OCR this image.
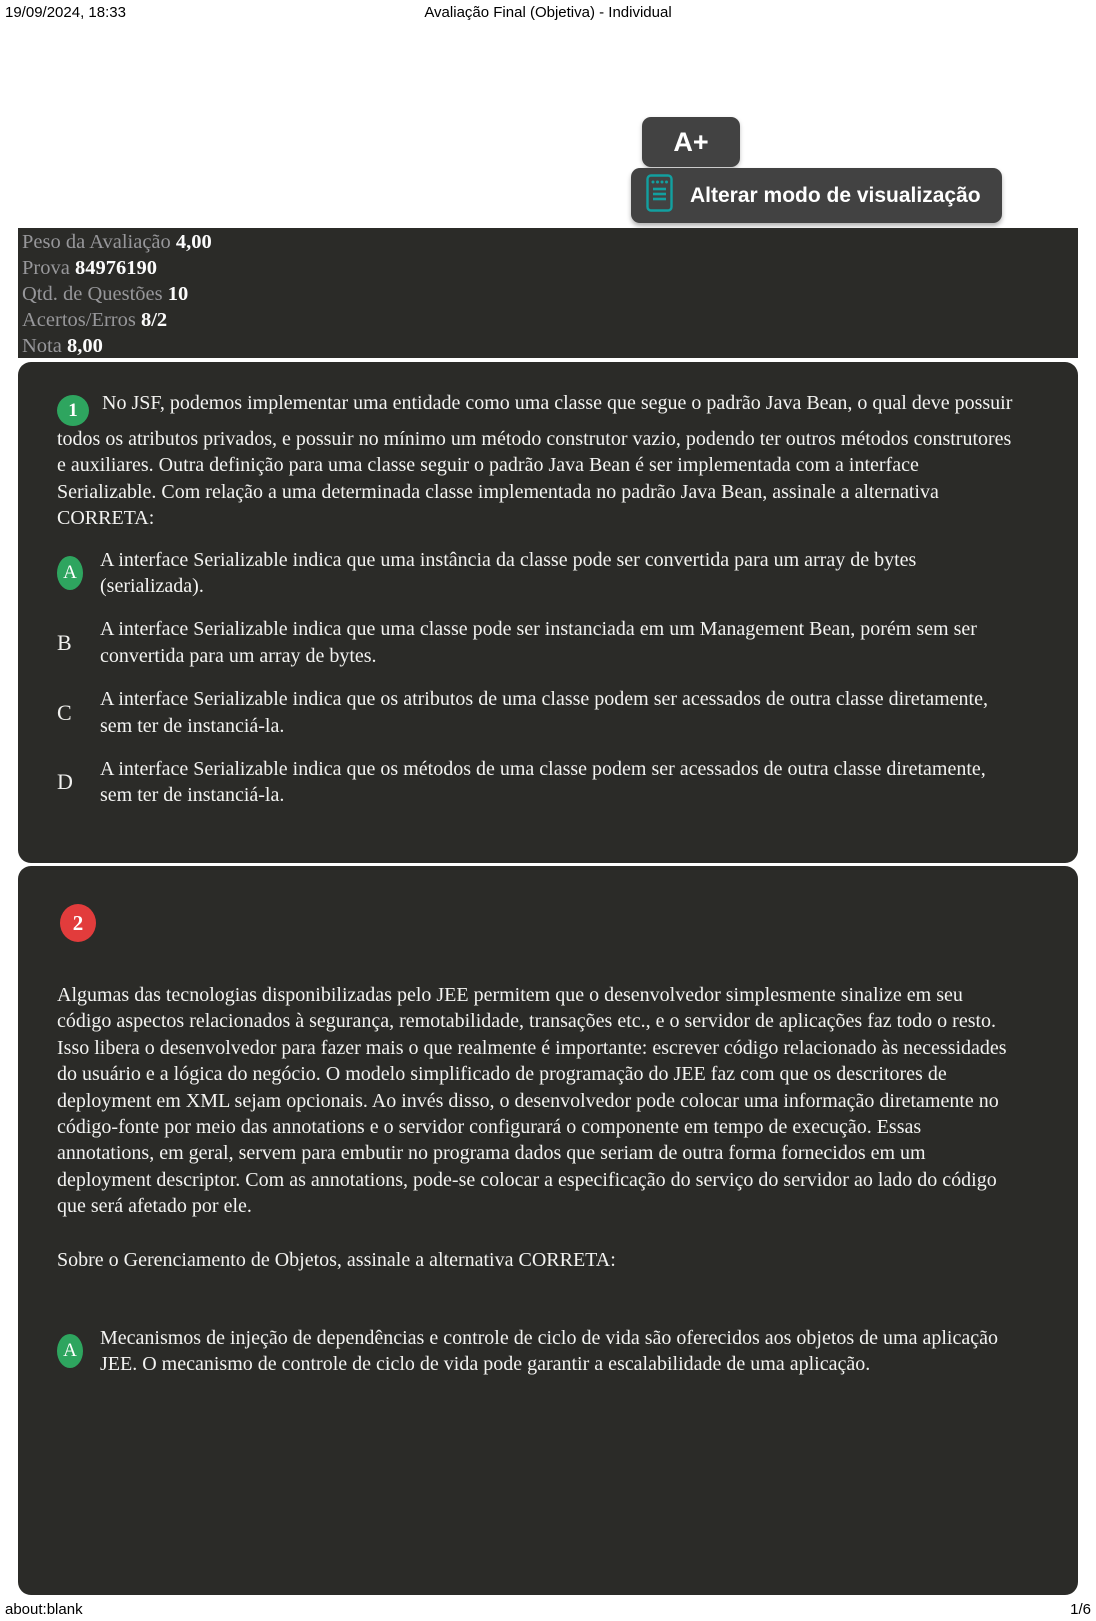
19/09/2024, 18:33	Avaliação Final (Objetiva) - Individual
A+
Alterar modo de visualização
Peso da Avaliação 4,00
Prova 84976190
Qtd. de Questões 10
Acertos/Erros 8/2
Nota 8,00

1 No JSF, podemos implementar uma entidade como uma classe que segue o padrão Java Bean, o qual deve possuir todos os atributos privados, e possuir no mínimo um método construtor vazio, podendo ter outros métodos construtores e auxiliares. Outra definição para uma classe seguir o padrão Java Bean é ser implementada com a interface Serializable. Com relação a uma determinada classe implementada no padrão Java Bean, assinale a alternativa CORRETA:

A
A interface Serializable indica que uma instância da classe pode ser convertida para um array de bytes (serializada).
B
A interface Serializable indica que uma classe pode ser instanciada em um Management Bean, porém sem ser convertida para um array de bytes.
C
A interface Serializable indica que os atributos de uma classe podem ser acessados de outra classe diretamente, sem ter de instanciá-la.
D
A interface Serializable indica que os métodos de uma classe podem ser acessados de outra classe diretamente, sem ter de instanciá-la.
2

Algumas das tecnologias disponibilizadas pelo JEE permitem que o desenvolvedor simplesmente sinalize em seu código aspectos relacionados à segurança, remotabilidade, transações etc., e o servidor de aplicações faz todo o resto. Isso libera o desenvolvedor para fazer mais o que realmente é importante: escrever código relacionado às necessidades do usuário e a lógica do negócio. O modelo simplificado de programação do JEE faz com que os descritores de deployment em XML sejam opcionais. Ao invés disso, o desenvolvedor pode colocar uma informação diretamente no código-fonte por meio das annotations e o servidor configurará o componente em tempo de execução. Essas annotations, em geral, servem para embutir no programa dados que seriam de outra forma fornecidos em um deployment descriptor. Com as annotations, pode-se colocar a especificação do serviço do servidor ao lado do código que será afetado por ele.

Sobre o Gerenciamento de Objetos, assinale a alternativa CORRETA:

A
Mecanismos de injeção de dependências e controle de ciclo de vida são oferecidos aos objetos de uma aplicação JEE. O mecanismo de controle de ciclo de vida pode garantir a escalabilidade de uma aplicação.
about:blank	1/6
